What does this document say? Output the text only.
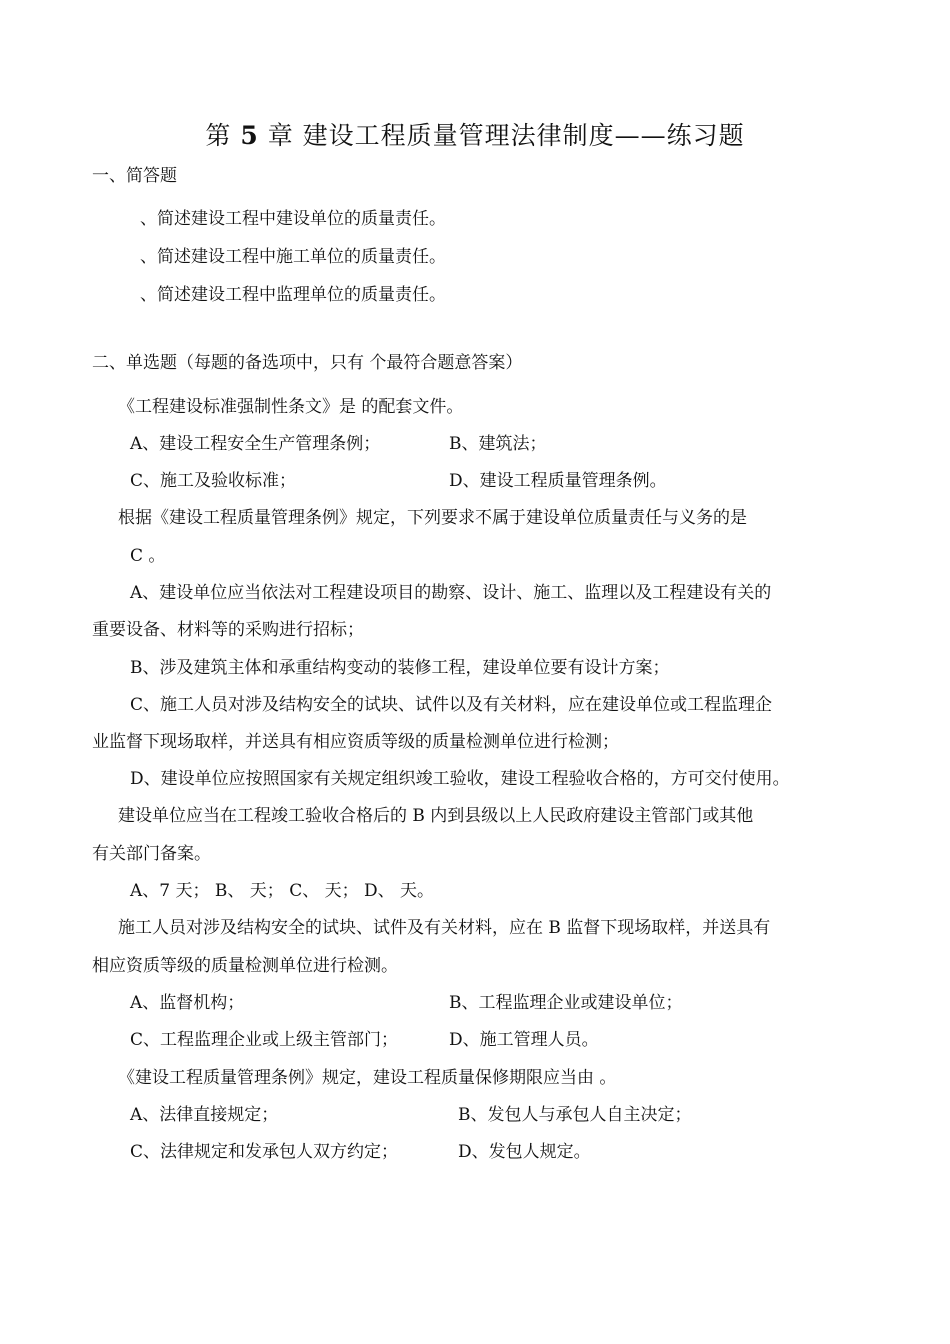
第 5 章 建设工程质量管理法律制度——练习题
一、简答题
、简述建设工程中建设单位的质量责任。
、简述建设工程中施工单位的质量责任。
、简述建设工程中监理单位的质量责任。
二、单选题（每题的备选项中，只有 个最符合题意答案）
《工程建设标准强制性条文》是 的配套文件。
A、建设工程安全生产管理条例；	B、建筑法；
C、施工及验收标准；	D、建设工程质量管理条例。
根据《建设工程质量管理条例》规定，下列要求不属于建设单位质量责任与义务的是
C 。
A、建设单位应当依法对工程建设项目的勘察、设计、施工、监理以及工程建设有关的
重要设备、材料等的采购进行招标；
B、涉及建筑主体和承重结构变动的装修工程，建设单位要有设计方案；
C、施工人员对涉及结构安全的试块、试件以及有关材料，应在建设单位或工程监理企
业监督下现场取样，并送具有相应资质等级的质量检测单位进行检测；
D、建设单位应按照国家有关规定组织竣工验收，建设工程验收合格的，方可交付使用。
建设单位应当在工程竣工验收合格后的 B 内到县级以上人民政府建设主管部门或其他
有关部门备案。
A、7 天； B、 天； C、 天； D、 天。
施工人员对涉及结构安全的试块、试件及有关材料，应在 B 监督下现场取样，并送具有
相应资质等级的质量检测单位进行检测。
A、监督机构；	B、工程监理企业或建设单位；
C、工程监理企业或上级主管部门；	D、施工管理人员。
《建设工程质量管理条例》规定，建设工程质量保修期限应当由 。
A、法律直接规定；	B、发包人与承包人自主决定；
C、法律规定和发承包人双方约定；	D、发包人规定。
